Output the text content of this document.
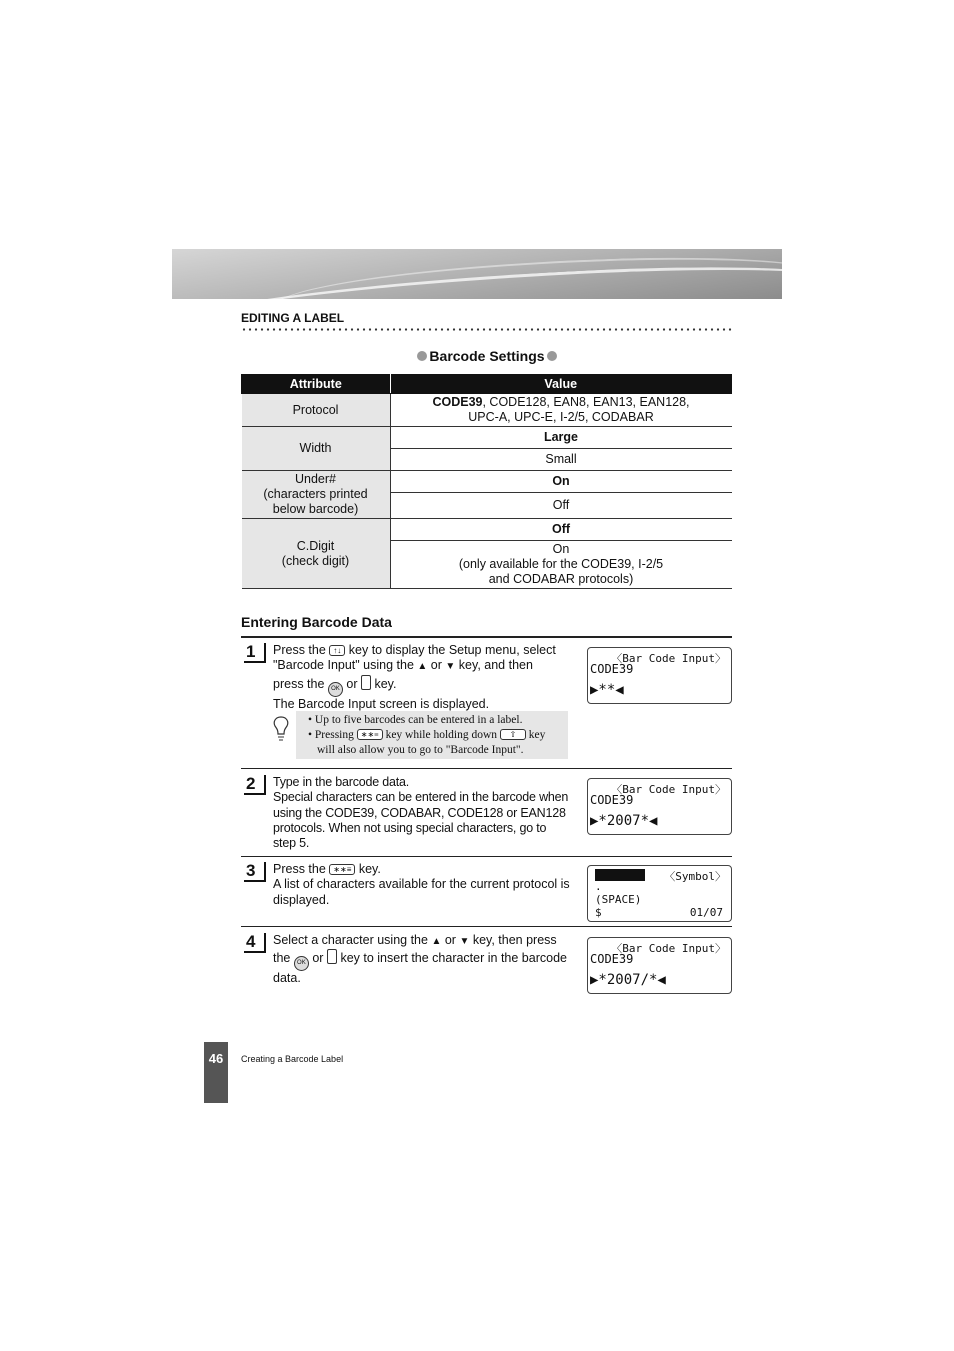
EDITING A LABEL
Barcode Settings
Attribute	Value
Protocol	CODE39, CODE128, EAN8, EAN13, EAN128,
UPC-A, UPC-E, I-2/5, CODABAR
Width	Large
	Small
Under#
(characters printed
below barcode)	On
	Off
C.Digit
(check digit)	Off
	On
(only available for the CODE39, I-2/5
and CODABAR protocols)
Entering Barcode Data
1	Press the ↑↓ key to display the Setup menu, select
"Barcode Input" using the ▲ or ▼ key, and then
press the OK or key.
The Barcode Input screen is displayed.
〈Bar Code Input〉
CODE39
▶**◀
• Up to five barcodes can be entered in a label.
• Pressing ∗∗≡ key while holding down ⇧ key
will also allow you to go to "Barcode Input".
2	Type in the barcode data.
Special characters can be entered in the barcode when
using the CODE39, CODABAR, CODE128 or EAN128
protocols. When not using special characters, go to
step 5.
〈Bar Code Input〉
CODE39
▶*2007*◀
3	Press the ∗∗≡ key.
A list of characters available for the current protocol is
displayed.
〈Symbol〉
.
(SPACE)
$	01/07
4	Select a character using the ▲ or ▼ key, then press
the OK or key to insert the character in the barcode
data.
〈Bar Code Input〉
CODE39
▶*2007/*◀
46	Creating a Barcode Label
